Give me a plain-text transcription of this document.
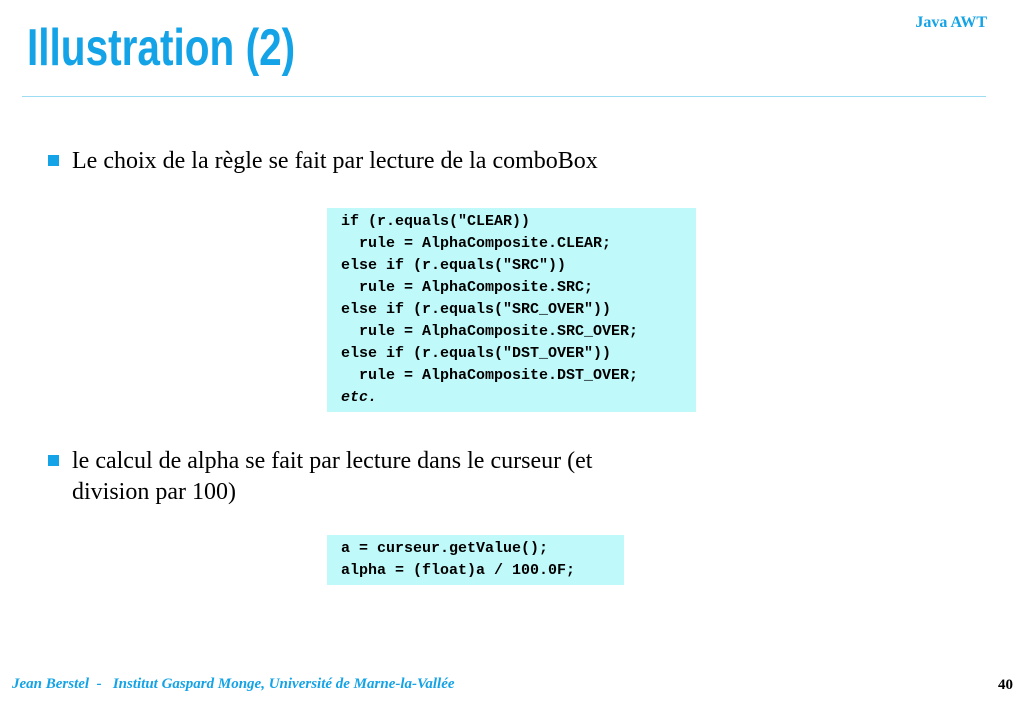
Illustration (2)	Java AWT
Le choix de la règle se fait par lecture de la comboBox
if (r.equals("CLEAR))
rule = AlphaComposite.CLEAR;
else if (r.equals("SRC"))
rule = AlphaComposite.SRC;
else if (r.equals("SRC_OVER"))
rule = AlphaComposite.SRC_OVER;
else if (r.equals("DST_OVER"))
rule = AlphaComposite.DST_OVER;
etc.
le calcul de alpha se fait par lecture dans le curseur (et
division par 100)
a = curseur.getValue();
alpha = (float)a / 100.0F;
Jean Berstel  -   Institut Gaspard Monge, Université de Marne-la-Vallée	40
